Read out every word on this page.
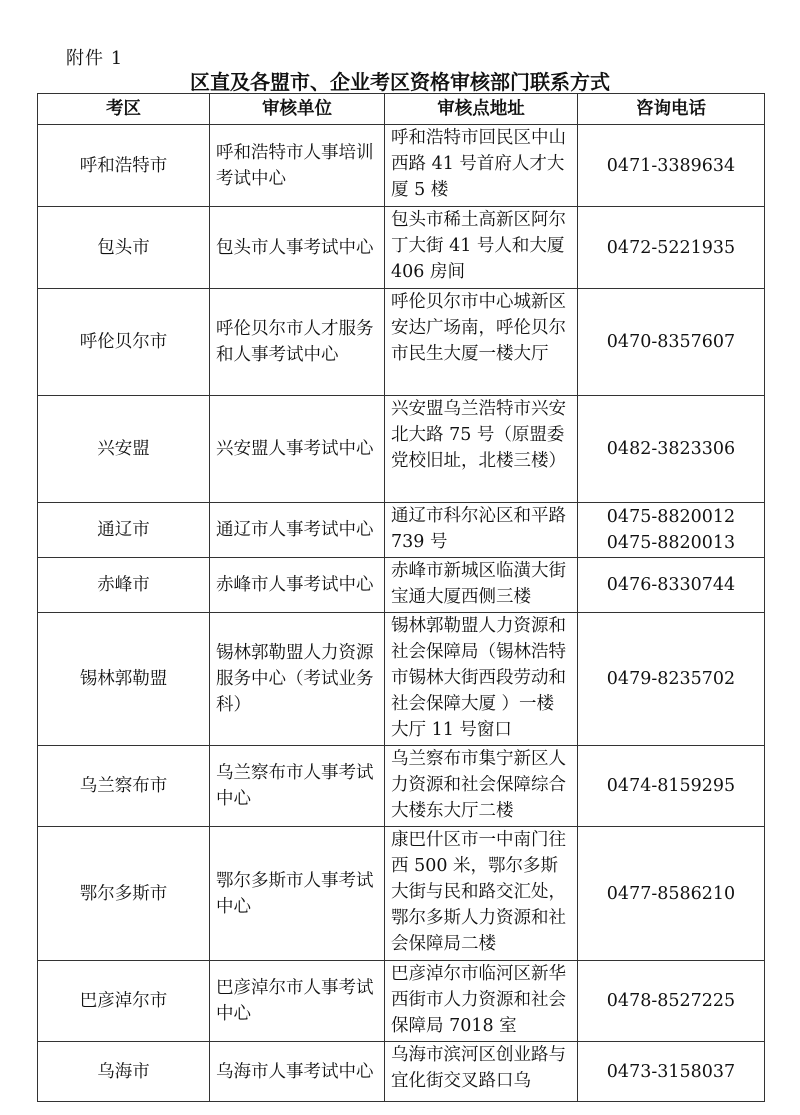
附件 1
区直及各盟市、企业考区资格审核部门联系方式
考区	审核单位	审核点地址	咨询电话
呼和浩特市	呼和浩特市人事培训考试中心	呼和浩特市回民区中山西路 41 号首府人才大厦 5 楼	0471-3389634

包头市	包头市人事考试中心	包头市稀土高新区阿尔丁大街 41 号人和大厦 406 房间	0472-5221935

呼伦贝尔市	呼伦贝尔市人才服务和人事考试中心	呼伦贝尔市中心城新区安达广场南，呼伦贝尔市民生大厦一楼大厅	0470-8357607

兴安盟	兴安盟人事考试中心	兴安盟乌兰浩特市兴安北大路 75 号（原盟委党校旧址，北楼三楼）	0482-3823306

通辽市	通辽市人事考试中心	通辽市科尔沁区和平路 739 号	0475-8820012
0475-8820013

赤峰市	赤峰市人事考试中心	赤峰市新城区临潢大街宝通大厦西侧三楼	0476-8330744

锡林郭勒盟	锡林郭勒盟人力资源服务中心（考试业务科）	锡林郭勒盟人力资源和社会保障局（锡林浩特市锡林大街西段劳动和社会保障大厦 ）一楼大厅 11 号窗口	0479-8235702

乌兰察布市	乌兰察布市人事考试中心	乌兰察布市集宁新区人力资源和社会保障综合大楼东大厅二楼	0474-8159295

鄂尔多斯市	鄂尔多斯市人事考试中心	康巴什区市一中南门往西 500 米，鄂尔多斯大街与民和路交汇处，鄂尔多斯人力资源和社会保障局二楼	0477-8586210

巴彦淖尔市	巴彦淖尔市人事考试中心	巴彦淖尔市临河区新华西街市人力资源和社会保障局 7018 室	0478-8527225

乌海市	乌海市人事考试中心	乌海市滨河区创业路与宜化街交叉路口乌	0473-3158037
